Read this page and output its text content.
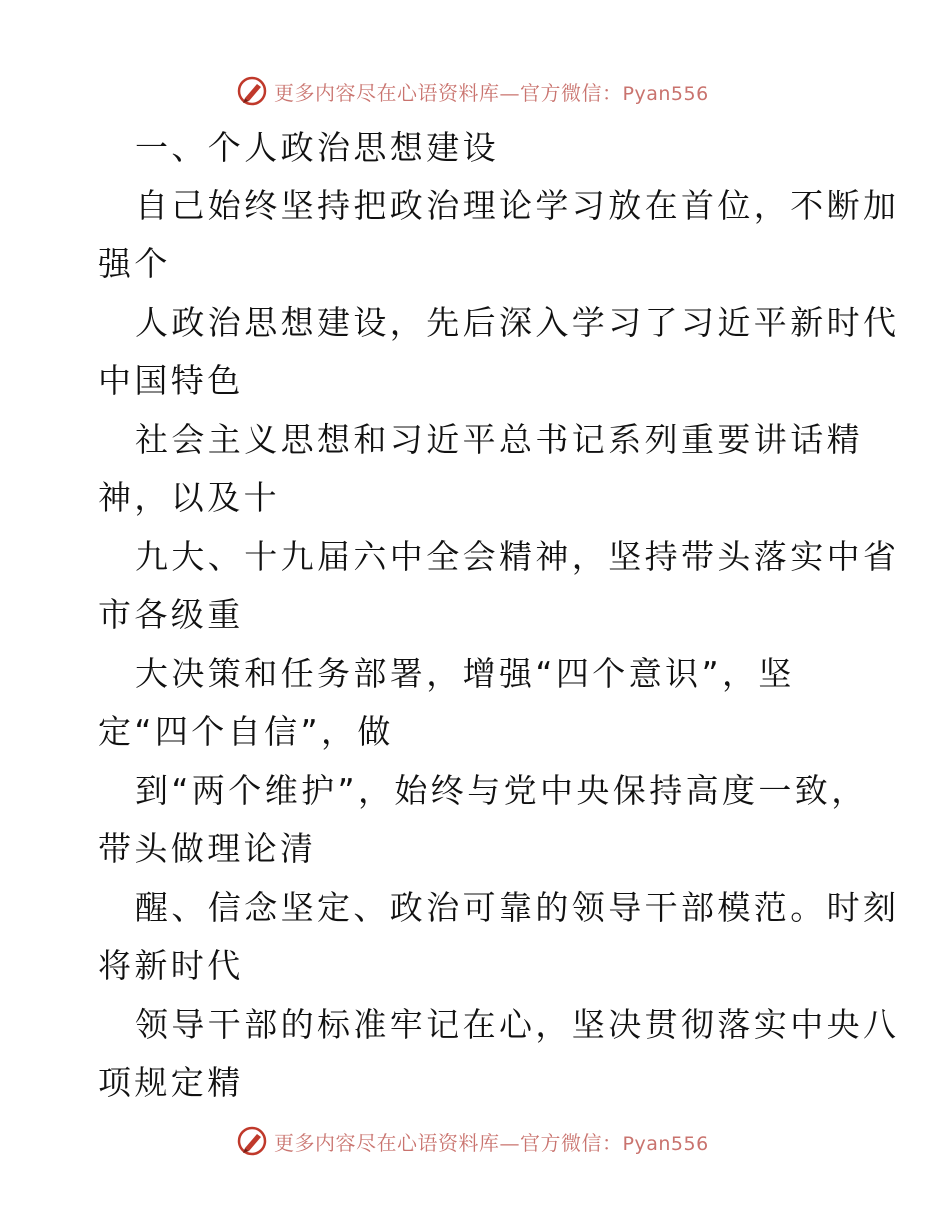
更多内容尽在心语资料库—官方微信：Pyan556
一、个人政治思想建设
自己始终坚持把政治理论学习放在首位，不断加
强个
人政治思想建设，先后深入学习了习近平新时代
中国特色
社会主义思想和习近平总书记系列重要讲话精
神，以及十
九大、十九届六中全会精神，坚持带头落实中省
市各级重
大决策和任务部署，增强“四个意识”，坚
定“四个自信”，做
到“两个维护”，始终与党中央保持高度一致，
带头做理论清
醒、信念坚定、政治可靠的领导干部模范。时刻
将新时代
领导干部的标准牢记在心，坚决贯彻落实中央八
项规定精
更多内容尽在心语资料库—官方微信：Pyan556
